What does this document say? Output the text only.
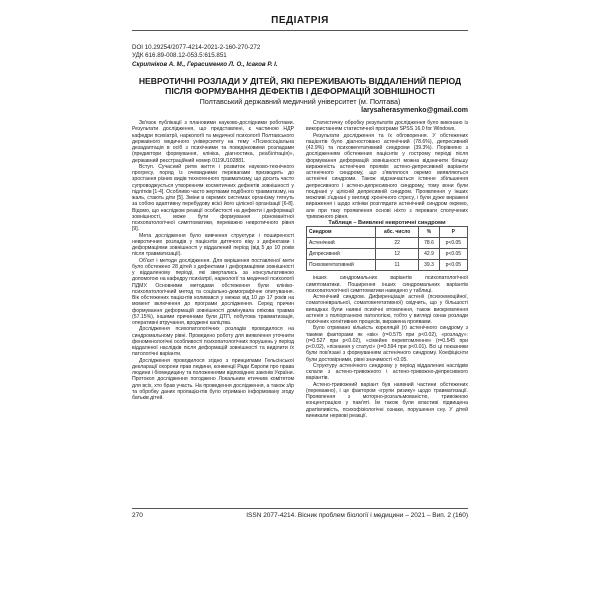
ПЕДІАТРІЯ
DOI 10.29254/2077-4214-2021-2-160-270-272
УДК 616.89-008.12-053.5:615.851
Скрипніков А. М., Герасименко Л. О., Ісаков Р. І.
НЕВРОТИЧНІ РОЗЛАДИ У ДІТЕЙ, ЯКІ ПЕРЕЖИВАЮТЬ ВІДДАЛЕНИЙ ПЕРІОД
ПІСЛЯ ФОРМУВАННЯ ДЕФЕКТІВ І ДЕФОРМАЦІЙ ЗОВНІШНОСТІ
Полтавський державний медичний університет (м. Полтава)
larysaherasymenko@gmail.com

Зв'язок публікації з плановими науково-дослідними роботами. Результати дослідження, що представлені, є частиною НДР кафедри психіатрії, наркології та медичної психології Полтавського державного медичного університету на тему «Психосоціальна дезадаптація в осіб з психічними та поведінковими розладами (предиктори формування, клініка, діагностика, реабілітація)», державний реєстраційний номер 0119U102881.

Вступ. Сучасний ритм життя і розвиток науково-технічного прогресу, поряд із очевидними перевагами призводить до зростання різних видів техногенного травматизму, що досить часто супроводжується утворенням косметичних дефектів зовнішності у підлітків [1-4]. Особливо часто жертвами подібного травматизму, на жаль, стають діти [5]. Зміни в окремих системах організму тягнуть за собою адаптивну перебудову всієї його цілісної організації [6-8]. Відомо, що наслідком реакції особистості на дефекти і деформації зовнішності, може бути формування різноманітної психопатологічної симптоматики, переважно невротичного рівня [9].

Мета дослідження було вивчення структури і поширеності невротичних розладів у пацієнтів дитячого віку з дефектами і деформаціями зовнішності у віддалений період (від 5 до 10 років після травматизації).

Об'єкт і методи дослідження. Для вирішення поставленої мети було обстежено 28 дітей з дефектами і деформаціями зовнішності у віддаленому періоді, які звертались за консультативною допомогою на кафедру психіатрії, наркології та медичної психології ПДМУ. Основними методами обстеження були клініко-психопатологічний метод та соціально-демографічне опитування. Вік обстежених пацієнтів коливався у межах від 10 до 17 років на момент включення до програми дослідження. Серед причин формування деформацій зовнішності домінувала опікова травма (57.15%), іншими причинами були ДТП, побутова травматизація, оперативні втручання, вроджені каліцтва.

Дослідження психопатологічних розладів проводилося на синдромальному рівні. Проведено роботу для виявлення уточнити феноменологічні особливості психопатологічних порушень у період віддаленої наслідків після деформацій зовнішності та виділити їх патологічні варіанти.

Дослідження проводилося згідно з принципами Гельсінської декларації охорони прав людини, конвенції Ради Європи про права людини і біомедицину та положеннями відповідних законів України. Протокол дослідження погоджено Локальним етичним комітетом для всіх, хто брав участь. На проведення дослідження, а також з/ір та обробку даних пропацієнтів було отримано інформовану згоду батьків дітей.

Статистичну обробку результатів дослідження було виконано із використанням статистичної програми SPSS 16.0 for Windows.

Результати дослідження та їх обговорення. У обстежених пацієнтів було діагностовано астенічний (78.6%), депресивний (42.9%) та психовегетативний синдроми (39.3%). Порівняно з дослідженням обстежених пацієнтів у гострому періоді після формування деформацій зовнішності можна відзначити більшу вираженість астенічних проявів: астено-депресивний варіанти астенічного синдрому, що з'являлося окремо виявляються астенічні синдроми. Також відзначається істинне збільшення депресивного і астено-депресивного синдрому, тому вони були поєднані у цілісній депресивній синдром. Проявлення у інших можливі з'єднані у вигляді хронічного стресу, і були дуже виражені вираження і щодо клініки розглядати астенічний синдром окремо, але при таку проявлення основі ніхто з переваги сполучених тривожного рівня.

Таблиця – Виявлені невротичні синдроми

Синдром	абс. число	%	P
Астенічний	22	78.6	p<0.05
Депресивний	12	42.9	p<0.05
Психовегетативний	11	39.3	p<0.05

інших синдромальних варіантів психопатологічної симптоматики. Поширення інших синдромальних варіантів психопатологічної симптоматики наведено у таблиці.

Астенічний синдром. Диференціація астенії (психоемоційної, соматоневральної, соматовегетативної) свідчить, що у більшості випадках були наявні психічні втомлення, також виокремлення астенія з поліорганною патологією, тобто у вигляді ознак розлади психічних когнітивних процесів, виражена проявами.

Було отримано кількість кореляцій (r) астенічного синдрому з такими факторами як «вік» (r=0.575 при p<0.02), «розладу»: (r=0.527 при p<0.02), «сімейне перевтомлення» (r=0.545 при p<0.02), «пізнання у статусі» (r=0.594 при p<0.01). Всі ці показники були пов'язані з формуванням астенічного синдрому. Коефіцієнти були достовірними, рівні значимості <0.05.

Структуру астенічного синдрому у період віддалених наслідків склали з астено-тривожного і астено-тривожно-депресивного варіантів.

Астено-тривожний варіант був наявний частини обстежених (переважно), і це фактором «групи ризику» щодо травматизації. Проявлення з моторно-розгальмованістю, тривожною концентрацією у пам'яті. Їм також були властиві підвищена дратівливість, психофізіологічні ознаки, порушення сну. У дітей виникали нервові реакції.

270	ISSN 2077-4214. Вісник проблем біології і медицини – 2021 – Вип. 2 (160)
